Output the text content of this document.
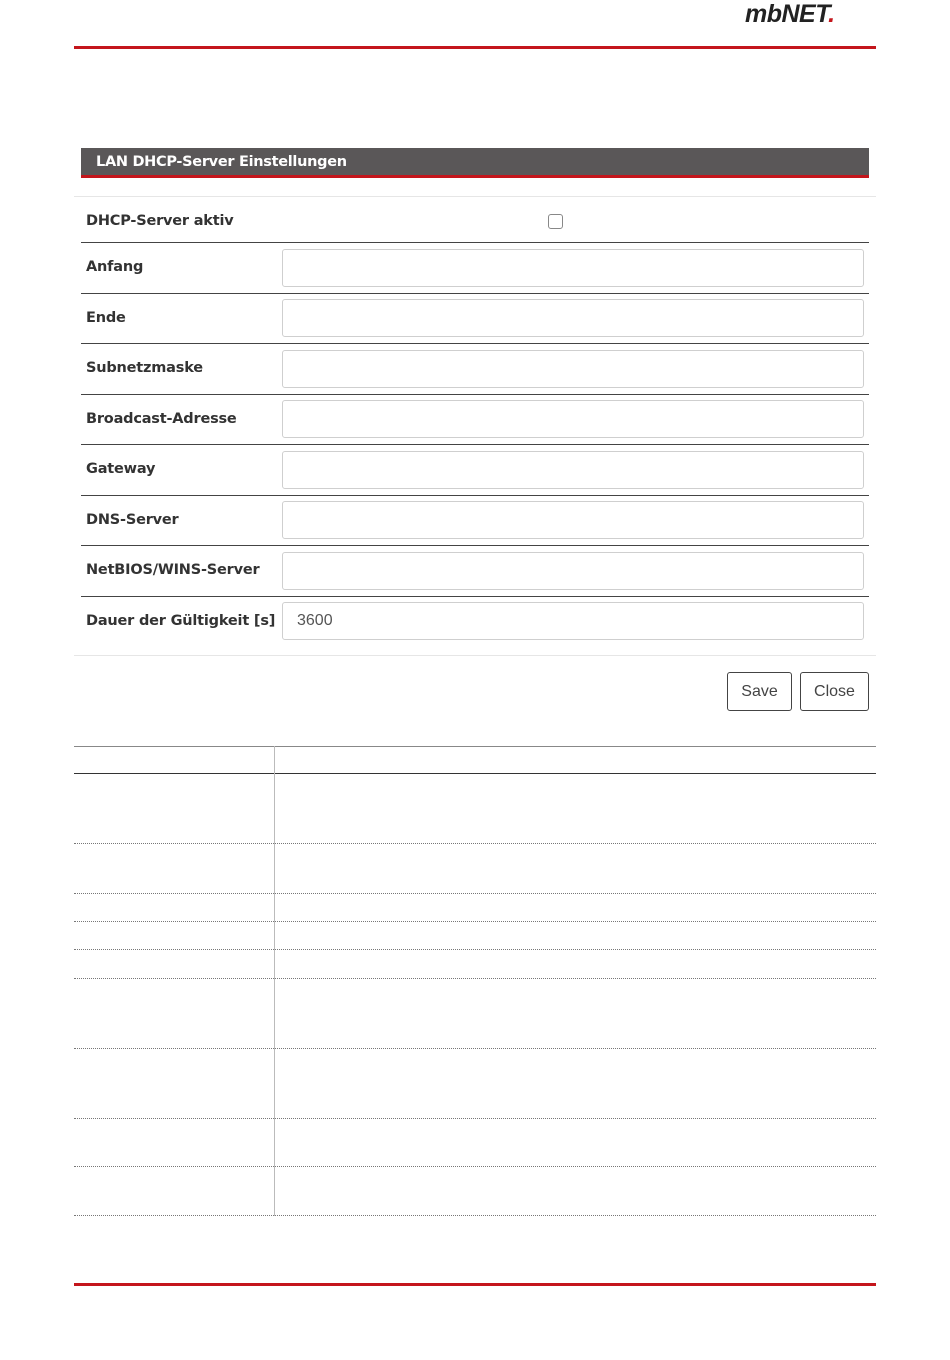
mbNET.
LAN DHCP-Server Einstellungen
DHCP-Server aktiv
Anfang
Ende
Subnetzmaske
Broadcast-Adresse
Gateway
DNS-Server
NetBIOS/WINS-Server
Dauer der Gültigkeit [s]	3600
Save	Close
